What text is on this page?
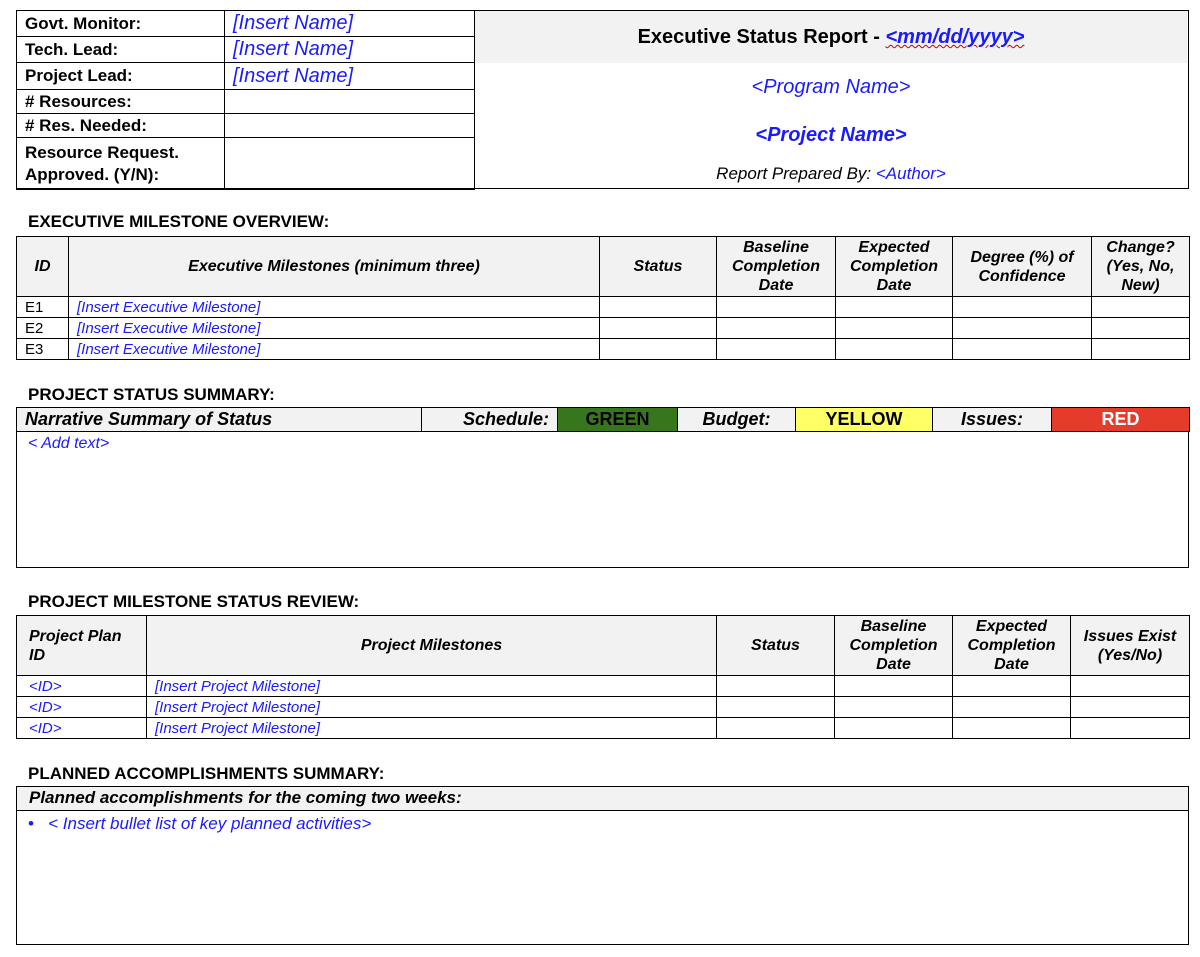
Govt. Monitor:	[Insert Name]
Tech. Lead:	[Insert Name]
Project Lead:	[Insert Name]
# Resources:	
# Res. Needed:	
Resource Request. Approved. (Y/N):	
Executive Status Report - <mm/dd/yyyy>
<Program Name>
<Project Name>
Report Prepared By: <Author>
EXECUTIVE MILESTONE OVERVIEW:
ID	Executive Milestones (minimum three)	Status	Baseline Completion Date	Expected Completion Date	Degree (%) of Confidence	Change? (Yes, No, New)
E1	[Insert Executive Milestone]					
E2	[Insert Executive Milestone]					
E3	[Insert Executive Milestone]					
PROJECT STATUS SUMMARY:
Narrative Summary of Status	Schedule:	GREEN	Budget:	YELLOW	Issues:	RED
< Add text>
PROJECT MILESTONE STATUS REVIEW:
Project Plan ID	Project Milestones	Status	Baseline Completion Date	Expected Completion Date	Issues Exist (Yes/No)
<ID>	[Insert Project Milestone]				
<ID>	[Insert Project Milestone]				
<ID>	[Insert Project Milestone]				
PLANNED ACCOMPLISHMENTS SUMMARY:
Planned accomplishments for the coming two weeks:
• < Insert bullet list of key planned activities>
